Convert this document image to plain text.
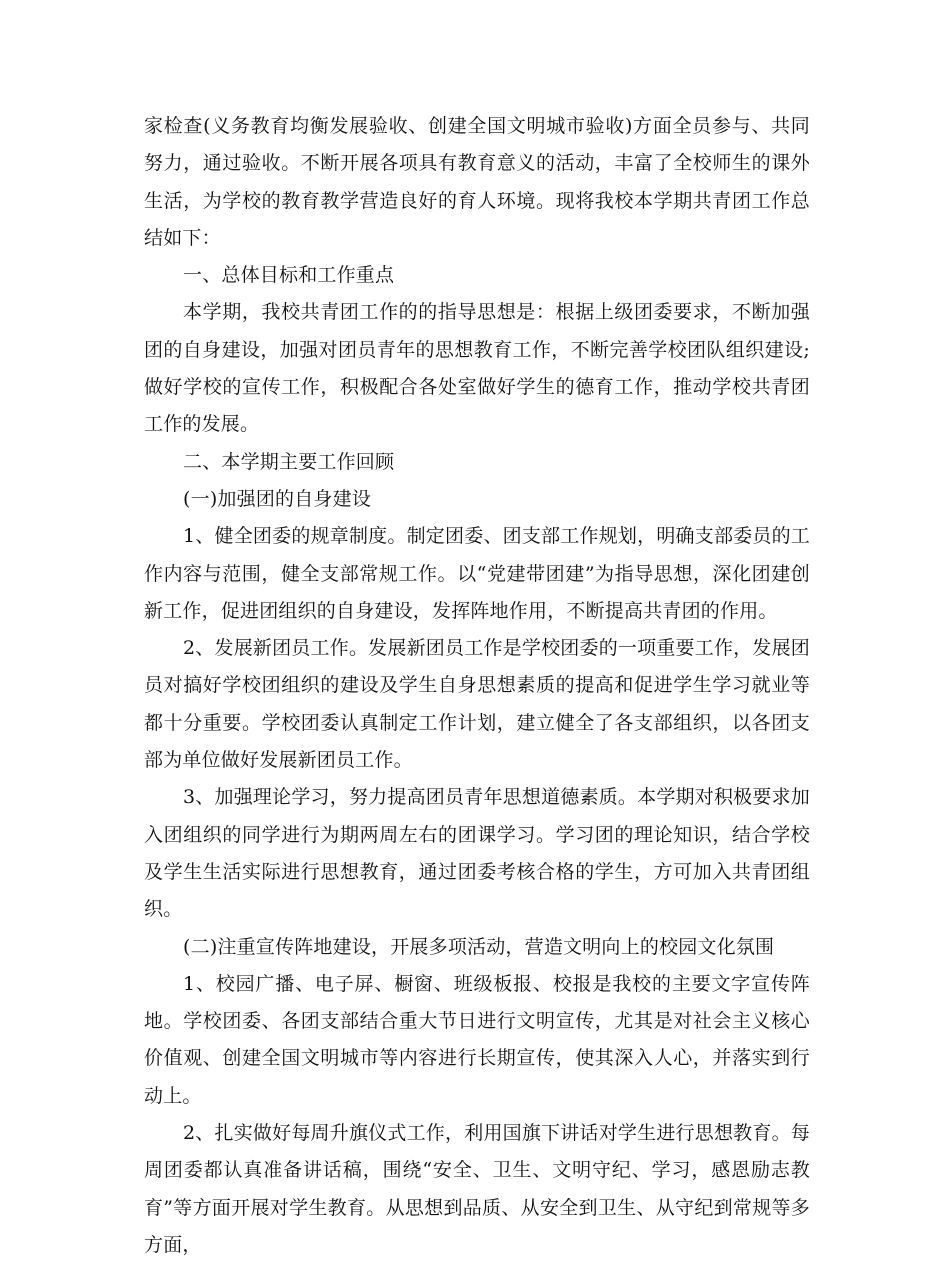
家检查(义务教育均衡发展验收、创建全国文明城市验收)方面全员参与、共同努力，通过验收。不断开展各项具有教育意义的活动，丰富了全校师生的课外生活，为学校的教育教学营造良好的育人环境。现将我校本学期共青团工作总结如下：

一、总体目标和工作重点

本学期，我校共青团工作的的指导思想是：根据上级团委要求，不断加强团的自身建设，加强对团员青年的思想教育工作，不断完善学校团队组织建设;做好学校的宣传工作，积极配合各处室做好学生的德育工作，推动学校共青团工作的发展。

二、本学期主要工作回顾

(一)加强团的自身建设

1、健全团委的规章制度。制定团委、团支部工作规划，明确支部委员的工作内容与范围，健全支部常规工作。以“党建带团建”为指导思想，深化团建创新工作，促进团组织的自身建设，发挥阵地作用，不断提高共青团的作用。

2、发展新团员工作。发展新团员工作是学校团委的一项重要工作，发展团员对搞好学校团组织的建设及学生自身思想素质的提高和促进学生学习就业等都十分重要。学校团委认真制定工作计划，建立健全了各支部组织，以各团支部为单位做好发展新团员工作。

3、加强理论学习，努力提高团员青年思想道德素质。本学期对积极要求加入团组织的同学进行为期两周左右的团课学习。学习团的理论知识，结合学校及学生生活实际进行思想教育，通过团委考核合格的学生，方可加入共青团组织。

(二)注重宣传阵地建设，开展多项活动，营造文明向上的校园文化氛围

1、校园广播、电子屏、橱窗、班级板报、校报是我校的主要文字宣传阵地。学校团委、各团支部结合重大节日进行文明宣传，尤其是对社会主义核心价值观、创建全国文明城市等内容进行长期宣传，使其深入人心，并落实到行动上。

2、扎实做好每周升旗仪式工作，利用国旗下讲话对学生进行思想教育。每周团委都认真准备讲话稿，围绕“安全、卫生、文明守纪、学习，感恩励志教育”等方面开展对学生教育。从思想到品质、从安全到卫生、从守纪到常规等多方面，
